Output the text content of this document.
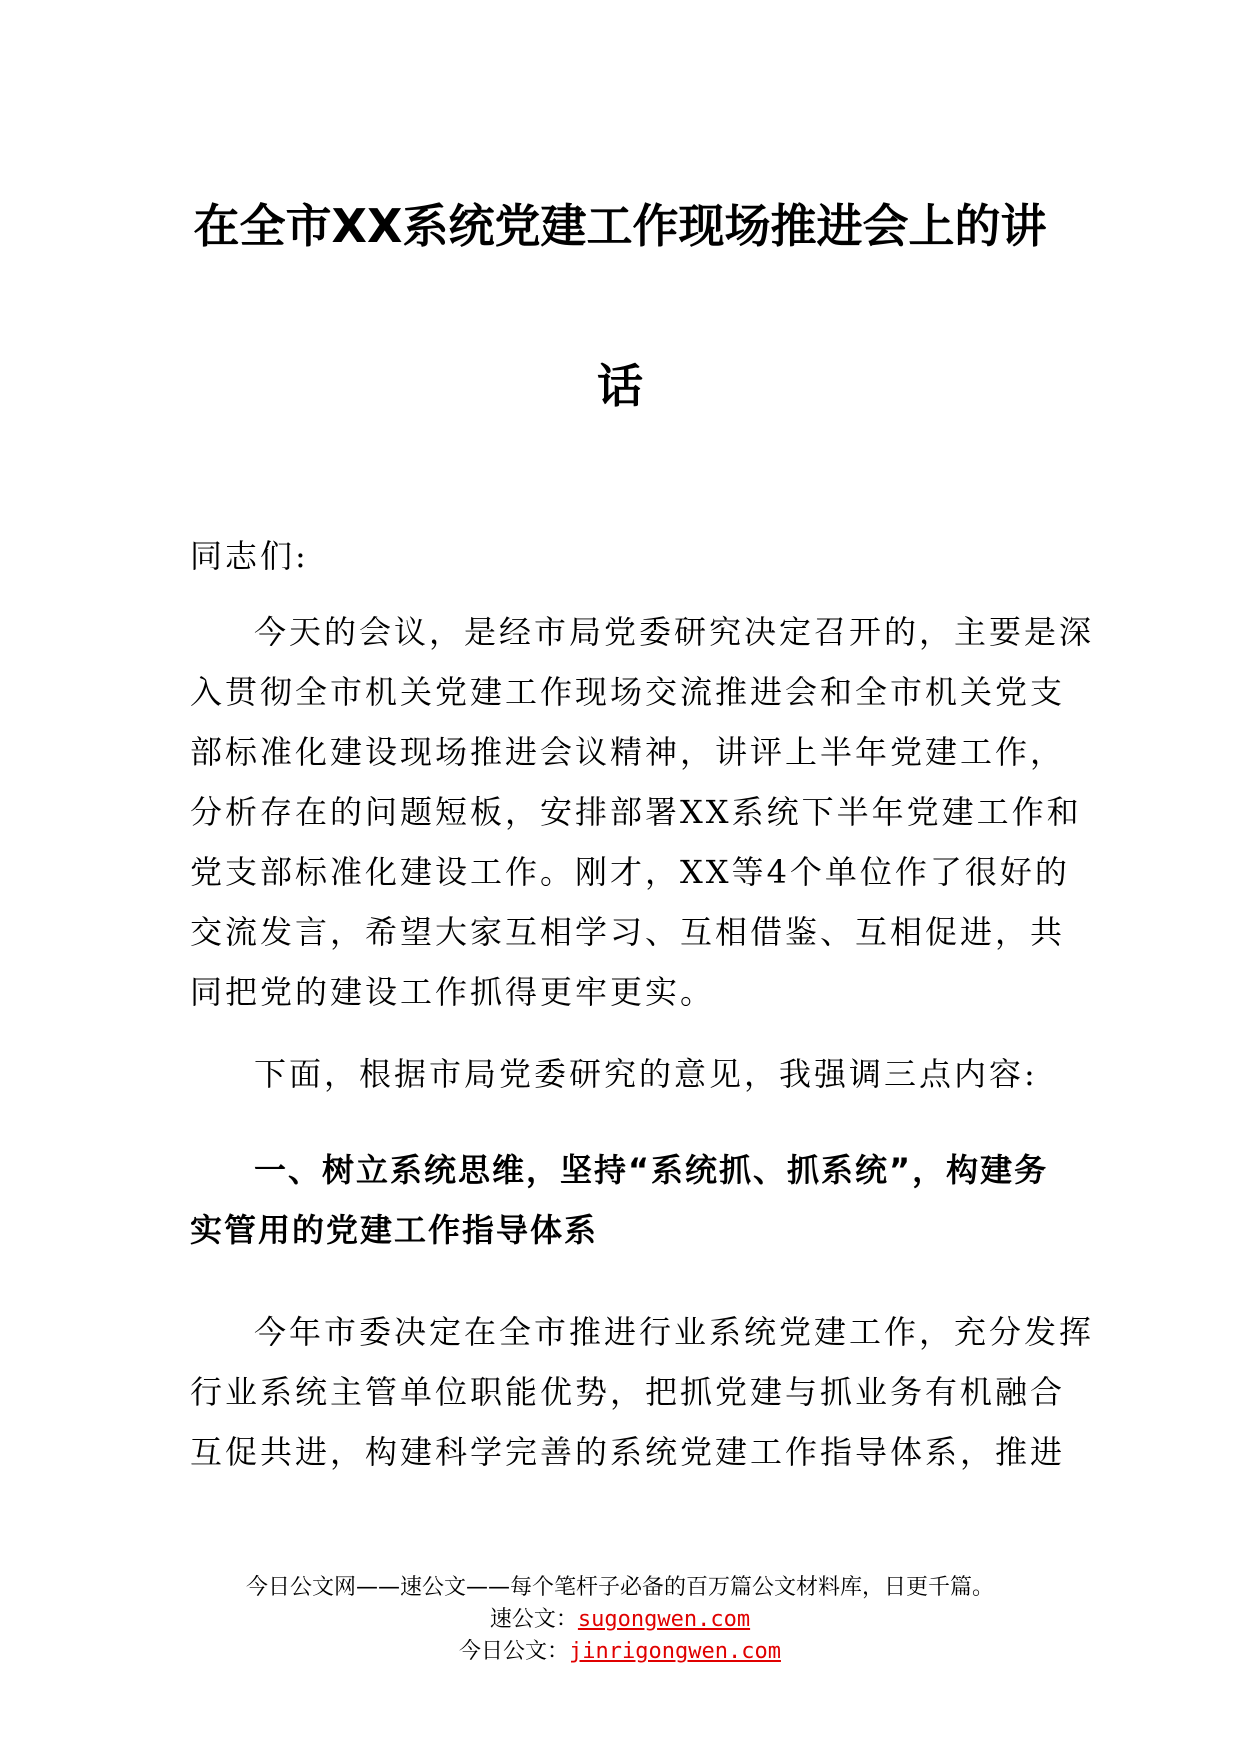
在全市XX系统党建工作现场推进会上的讲
话
同志们:
今天的会议，是经市局党委研究决定召开的，主要是深
入贯彻全市机关党建工作现场交流推进会和全市机关党支
部标准化建设现场推进会议精神，讲评上半年党建工作，
分析存在的问题短板，安排部署XX系统下半年党建工作和
党支部标准化建设工作。刚才，XX等4个单位作了很好的
交流发言，希望大家互相学习、互相借鉴、互相促进，共
同把党的建设工作抓得更牢更实。
下面，根据市局党委研究的意见，我强调三点内容:
一、树立系统思维，坚持“系统抓、抓系统”，构建务
实管用的党建工作指导体系
今年市委决定在全市推进行业系统党建工作，充分发挥
行业系统主管单位职能优势，把抓党建与抓业务有机融合
互促共进，构建科学完善的系统党建工作指导体系，推进
今日公文网——速公文——每个笔杆子必备的百万篇公文材料库，日更千篇。
速公文：sugongwen.com
今日公文：jinrigongwen.com
